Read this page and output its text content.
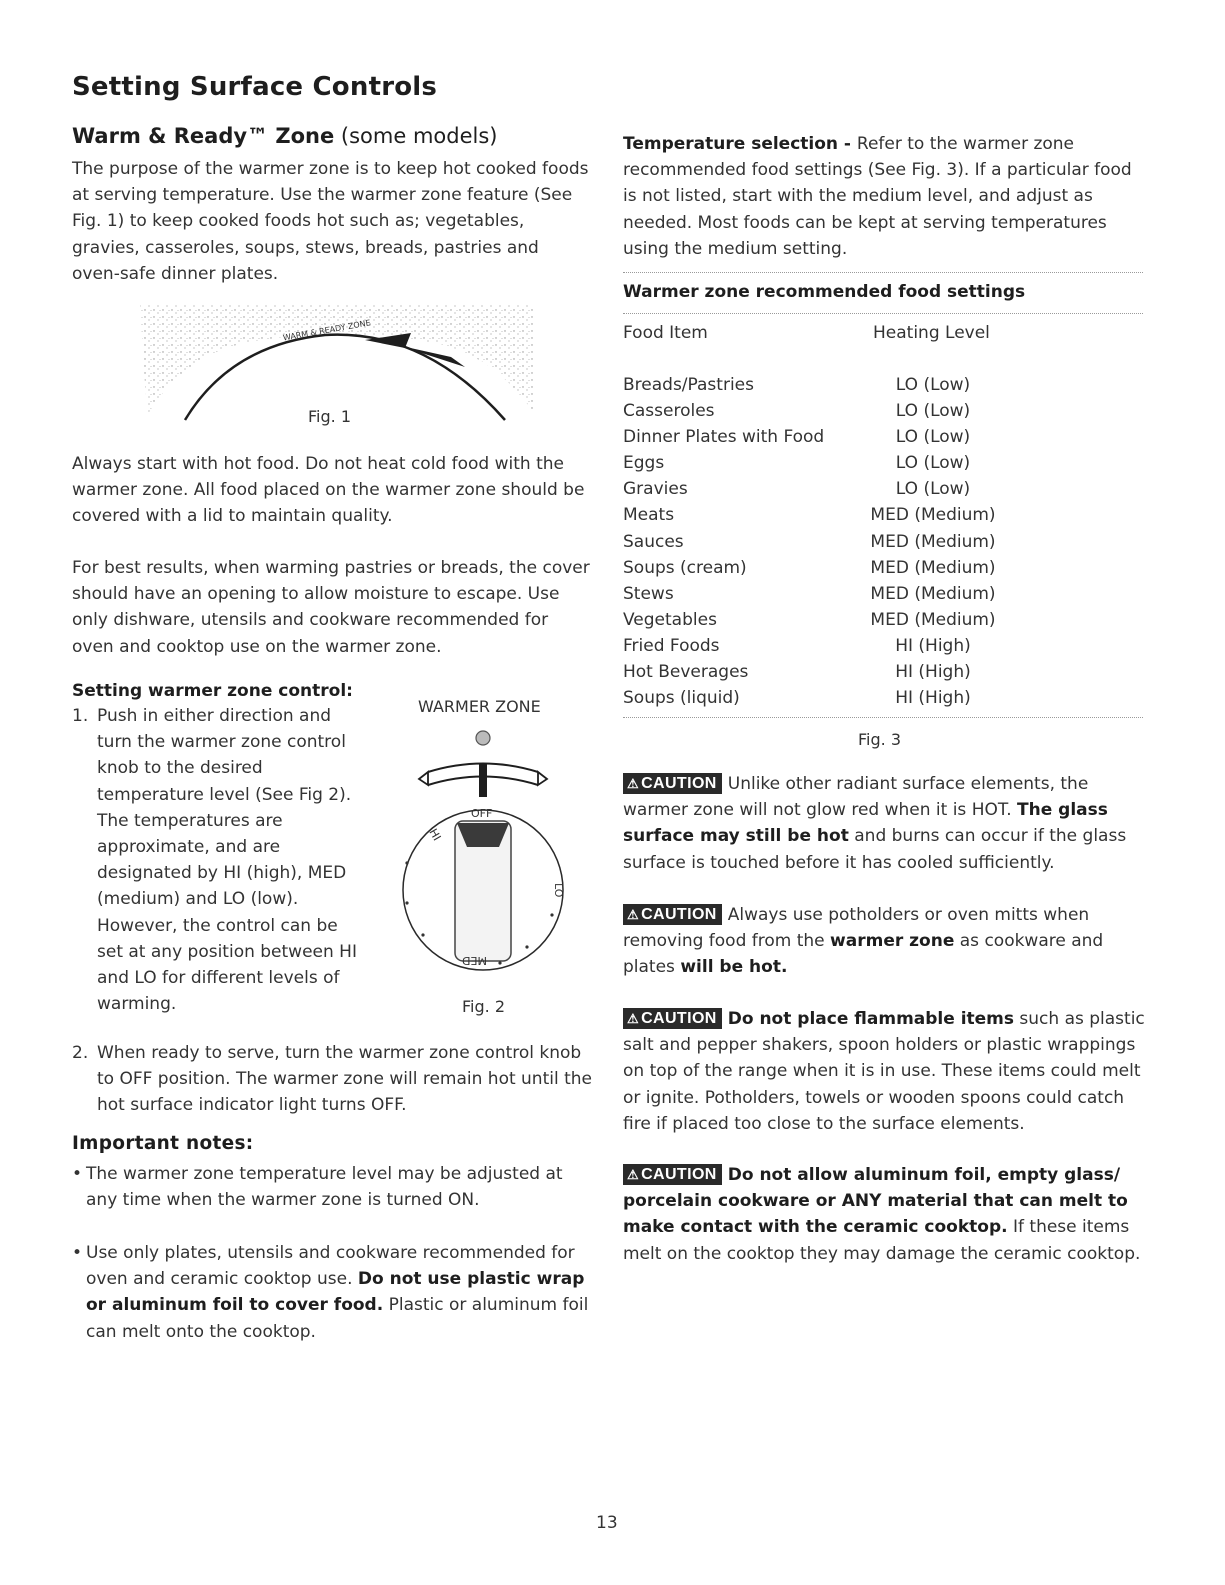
Setting Surface Controls
Warm & Ready™ Zone (some models)
The purpose of the warmer zone is to keep hot cooked foods at serving temperature. Use the warmer zone feature (See Fig. 1) to keep cooked foods hot such as; vegetables, gravies, casseroles, soups, stews, breads, pastries and oven-safe dinner plates.
WARM & READY ZONE
Fig. 1
Always start with hot food. Do not heat cold food with the warmer zone. All food placed on the warmer zone should be covered with a lid to maintain quality.
For best results, when warming pastries or breads, the cover should have an opening to allow moisture to escape. Use only dishware, utensils and cookware recommended for oven and cooktop use on the warmer zone.
Setting warmer zone control:
1. Push in either direction and turn the warmer zone control knob to the desired temperature level (See Fig 2). The temperatures are approximate, and are designated by HI (high), MED (medium) and LO (low). However, the control can be set at any position between HI and LO for different levels of warming.
WARMER ZONE
OFF
HI
LO
MED
Fig. 2
2. When ready to serve, turn the warmer zone control knob to OFF position. The warmer zone will remain hot until the hot surface indicator light turns OFF.
Important notes:
• The warmer zone temperature level may be adjusted at any time when the warmer zone is turned ON.
• Use only plates, utensils and cookware recommended for oven and ceramic cooktop use. Do not use plastic wrap or aluminum foil to cover food. Plastic or aluminum foil can melt onto the cooktop.
Temperature selection - Refer to the warmer zone recommended food settings (See Fig. 3). If a particular food is not listed, start with the medium level, and adjust as needed. Most foods can be kept at serving temperatures using the medium setting.
Warmer zone recommended food settings
Food Item	Heating Level
Breads/Pastries	LO (Low)
Casseroles	LO (Low)
Dinner Plates with Food	LO (Low)
Eggs	LO (Low)
Gravies	LO (Low)
Meats	MED (Medium)
Sauces	MED (Medium)
Soups (cream)	MED (Medium)
Stews	MED (Medium)
Vegetables	MED (Medium)
Fried Foods	HI (High)
Hot Beverages	HI (High)
Soups (liquid)	HI (High)
Fig. 3
⚠ CAUTION Unlike other radiant surface elements, the warmer zone will not glow red when it is HOT. The glass surface may still be hot and burns can occur if the glass surface is touched before it has cooled sufficiently.
⚠ CAUTION Always use potholders or oven mitts when removing food from the warmer zone as cookware and plates will be hot.
⚠ CAUTION Do not place flammable items such as plastic salt and pepper shakers, spoon holders or plastic wrappings on top of the range when it is in use. These items could melt or ignite. Potholders, towels or wooden spoons could catch fire if placed too close to the surface elements.
⚠ CAUTION Do not allow aluminum foil, empty glass/ porcelain cookware or ANY material that can melt to make contact with the ceramic cooktop. If these items melt on the cooktop they may damage the ceramic cooktop.
13
